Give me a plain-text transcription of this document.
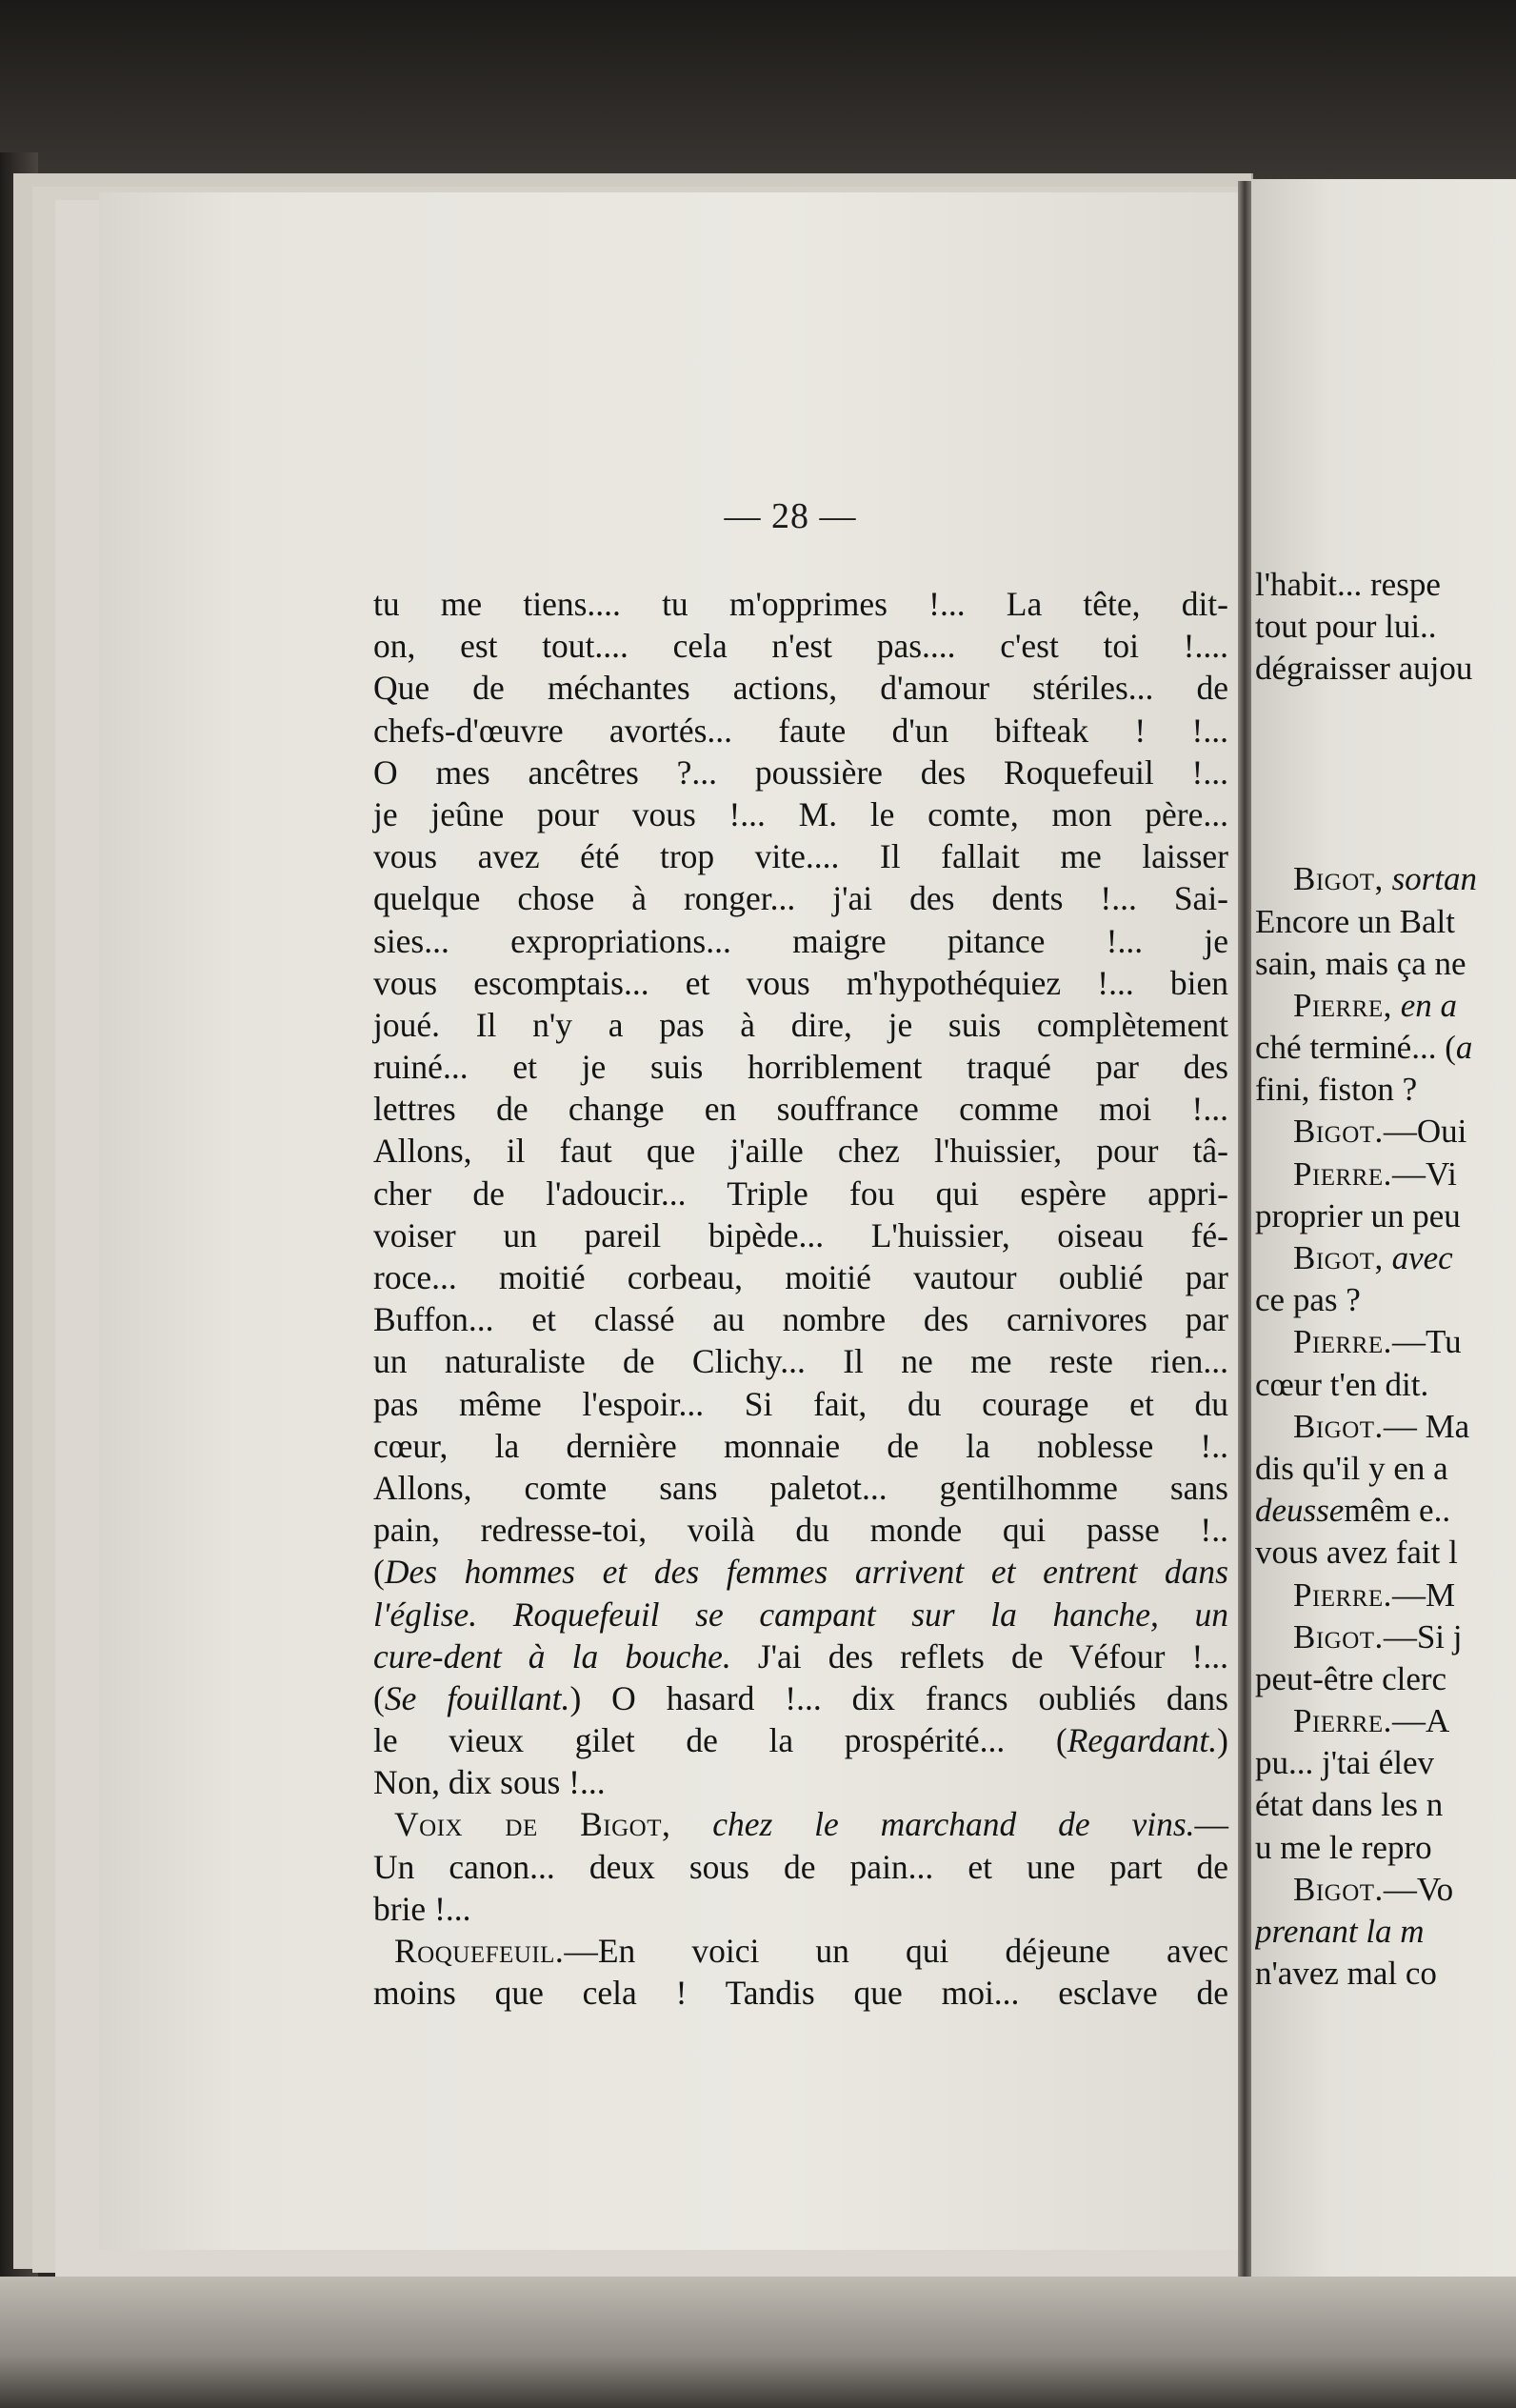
— 28 —
tu me tiens.... tu m'opprimes !... La tête, dit-
on, est tout.... cela n'est pas.... c'est toi !....
Que de méchantes actions, d'amour stériles... de
chefs-d'œuvre avortés... faute d'un bifteak ! !...
O mes ancêtres ?... poussière des Roquefeuil !...
je jeûne pour vous !... M. le comte, mon père...
vous avez été trop vite.... Il fallait me laisser
quelque chose à ronger... j'ai des dents !... Sai-
sies... expropriations... maigre pitance !... je
vous escomptais... et vous m'hypothéquiez !... bien
joué. Il n'y a pas à dire, je suis complètement
ruiné... et je suis horriblement traqué par des
lettres de change en souffrance comme moi !...
Allons, il faut que j'aille chez l'huissier, pour tâ-
cher de l'adoucir... Triple fou qui espère appri-
voiser un pareil bipède... L'huissier, oiseau fé-
roce... moitié corbeau, moitié vautour oublié par
Buffon... et classé au nombre des carnivores par
un naturaliste de Clichy... Il ne me reste rien...
pas même l'espoir... Si fait, du courage et du
cœur, la dernière monnaie de la noblesse !..
Allons, comte sans paletot... gentilhomme sans
pain, redresse-toi, voilà du monde qui passe !..
(Des hommes et des femmes arrivent et entrent dans
l'église. Roquefeuil se campant sur la hanche, un
cure-dent à la bouche. J'ai des reflets de Véfour !...
(Se fouillant.) O hasard !... dix francs oubliés dans
le vieux gilet de la prospérité... (Regardant.)
Non, dix sous !...
Voix de Bigot, chez le marchand de vins.—
Un canon... deux sous de pain... et une part de
brie !...
Roquefeuil.—En voici un qui déjeune avec
moins que cela ! Tandis que moi... esclave de
l'habit... respe
tout pour lui..
dégraisser aujou
Bigot, sortan
Encore un Balt
sain, mais ça ne
Pierre, en a
ché terminé... (a
fini, fiston ?
Bigot.—Oui
Pierre.—Vi
proprier un peu
Bigot, avec
ce pas ?
Pierre.—Tu
cœur t'en dit.
Bigot.— Ma
dis qu'il y en a
deussemêm e..
vous avez fait l
Pierre.—M
Bigot.—Si j
peut-être clerc
Pierre.—A
pu... j'tai élev
état dans les n
u me le repro
Bigot.—Vo
prenant la m
n'avez mal co
